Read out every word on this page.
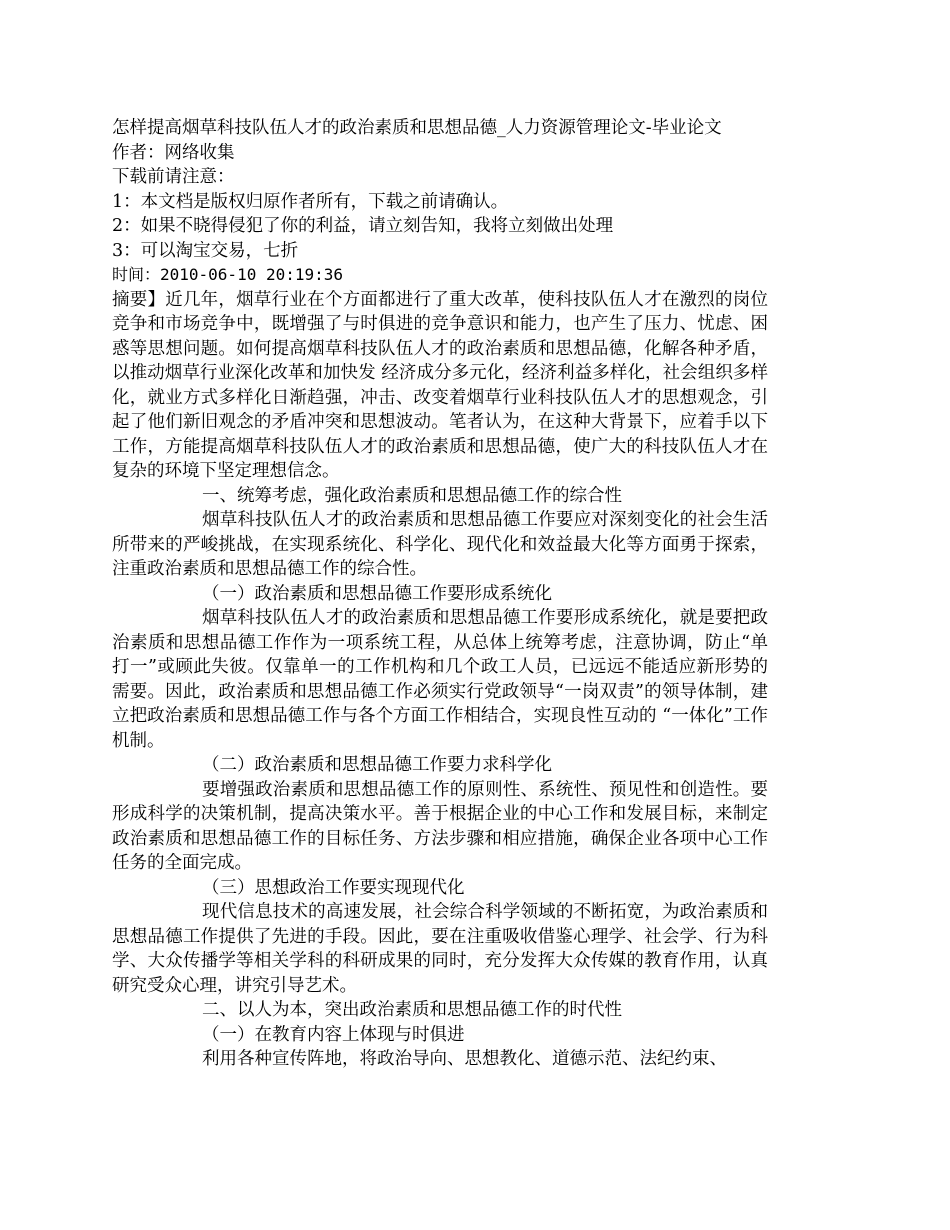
怎样提高烟草科技队伍人才的政治素质和思想品德_人力资源管理论文-毕业论文

作者：网络收集

下载前请注意：

1：本文档是版权归原作者所有，下载之前请确认。

2：如果不晓得侵犯了你的利益，请立刻告知，我将立刻做出处理

3：可以淘宝交易，七折

时间：2010-06-10 20:19:36

摘要】近几年，烟草行业在个方面都进行了重大改革，使科技队伍人才在激烈的岗位竞争和市场竞争中，既增强了与时俱进的竞争意识和能力，也产生了压力、忧虑、困惑等思想问题。如何提高烟草科技队伍人才的政治素质和思想品德，化解各种矛盾，以推动烟草行业深化改革和加快发 经济成分多元化，经济利益多样化，社会组织多样化，就业方式多样化日渐趋强，冲击、改变着烟草行业科技队伍人才的思想观念，引起了他们新旧观念的矛盾冲突和思想波动。笔者认为，在这种大背景下，应着手以下工作，方能提高烟草科技队伍人才的政治素质和思想品德，使广大的科技队伍人才在复杂的环境下坚定理想信念。

一、统筹考虑，强化政治素质和思想品德工作的综合性

烟草科技队伍人才的政治素质和思想品德工作要应对深刻变化的社会生活所带来的严峻挑战，在实现系统化、科学化、现代化和效益最大化等方面勇于探索，注重政治素质和思想品德工作的综合性。

（一）政治素质和思想品德工作要形成系统化

烟草科技队伍人才的政治素质和思想品德工作要形成系统化，就是要把政治素质和思想品德工作作为一项系统工程，从总体上统筹考虑，注意协调，防止“单打一”或顾此失彼。仅靠单一的工作机构和几个政工人员，已远远不能适应新形势的需要。因此，政治素质和思想品德工作必须实行党政领导“一岗双责”的领导体制，建立把政治素质和思想品德工作与各个方面工作相结合，实现良性互动的 “一体化”工作机制。

（二）政治素质和思想品德工作要力求科学化

要增强政治素质和思想品德工作的原则性、系统性、预见性和创造性。要形成科学的决策机制，提高决策水平。善于根据企业的中心工作和发展目标，来制定政治素质和思想品德工作的目标任务、方法步骤和相应措施，确保企业各项中心工作任务的全面完成。

（三）思想政治工作要实现现代化

现代信息技术的高速发展，社会综合科学领域的不断拓宽，为政治素质和思想品德工作提供了先进的手段。因此，要在注重吸收借鉴心理学、社会学、行为科学、大众传播学等相关学科的科研成果的同时，充分发挥大众传媒的教育作用，认真研究受众心理，讲究引导艺术。

二、以人为本，突出政治素质和思想品德工作的时代性

（一）在教育内容上体现与时俱进

利用各种宣传阵地，将政治导向、思想教化、道德示范、法纪约束、
